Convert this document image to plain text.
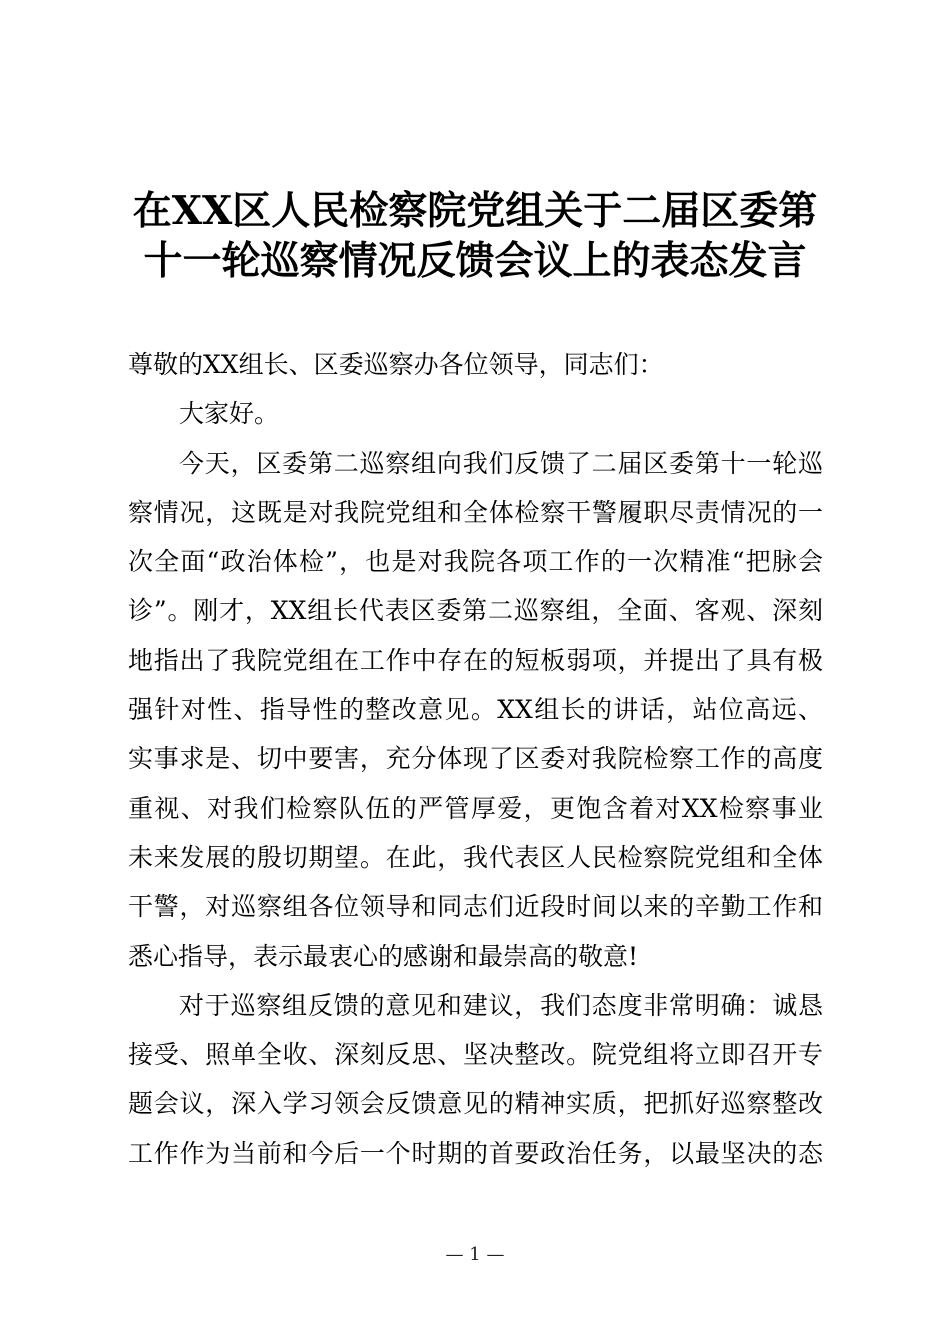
在XX区人民检察院党组关于二届区委第
十一轮巡察情况反馈会议上的表态发言
尊敬的XX组长、区委巡察办各位领导，同志们：
大家好。
今天，区委第二巡察组向我们反馈了二届区委第十一轮巡
察情况，这既是对我院党组和全体检察干警履职尽责情况的一
次全面“政治体检”，也是对我院各项工作的一次精准“把脉会
诊”。刚才，XX组长代表区委第二巡察组，全面、客观、深刻
地指出了我院党组在工作中存在的短板弱项，并提出了具有极
强针对性、指导性的整改意见。XX组长的讲话，站位高远、
实事求是、切中要害，充分体现了区委对我院检察工作的高度
重视、对我们检察队伍的严管厚爱，更饱含着对XX检察事业
未来发展的殷切期望。在此，我代表区人民检察院党组和全体
干警，对巡察组各位领导和同志们近段时间以来的辛勤工作和
悉心指导，表示最衷心的感谢和最崇高的敬意!
对于巡察组反馈的意见和建议，我们态度非常明确：诚恳
接受、照单全收、深刻反思、坚决整改。院党组将立即召开专
题会议，深入学习领会反馈意见的精神实质，把抓好巡察整改
工作作为当前和今后一个时期的首要政治任务，以最坚决的态
— 1 —
